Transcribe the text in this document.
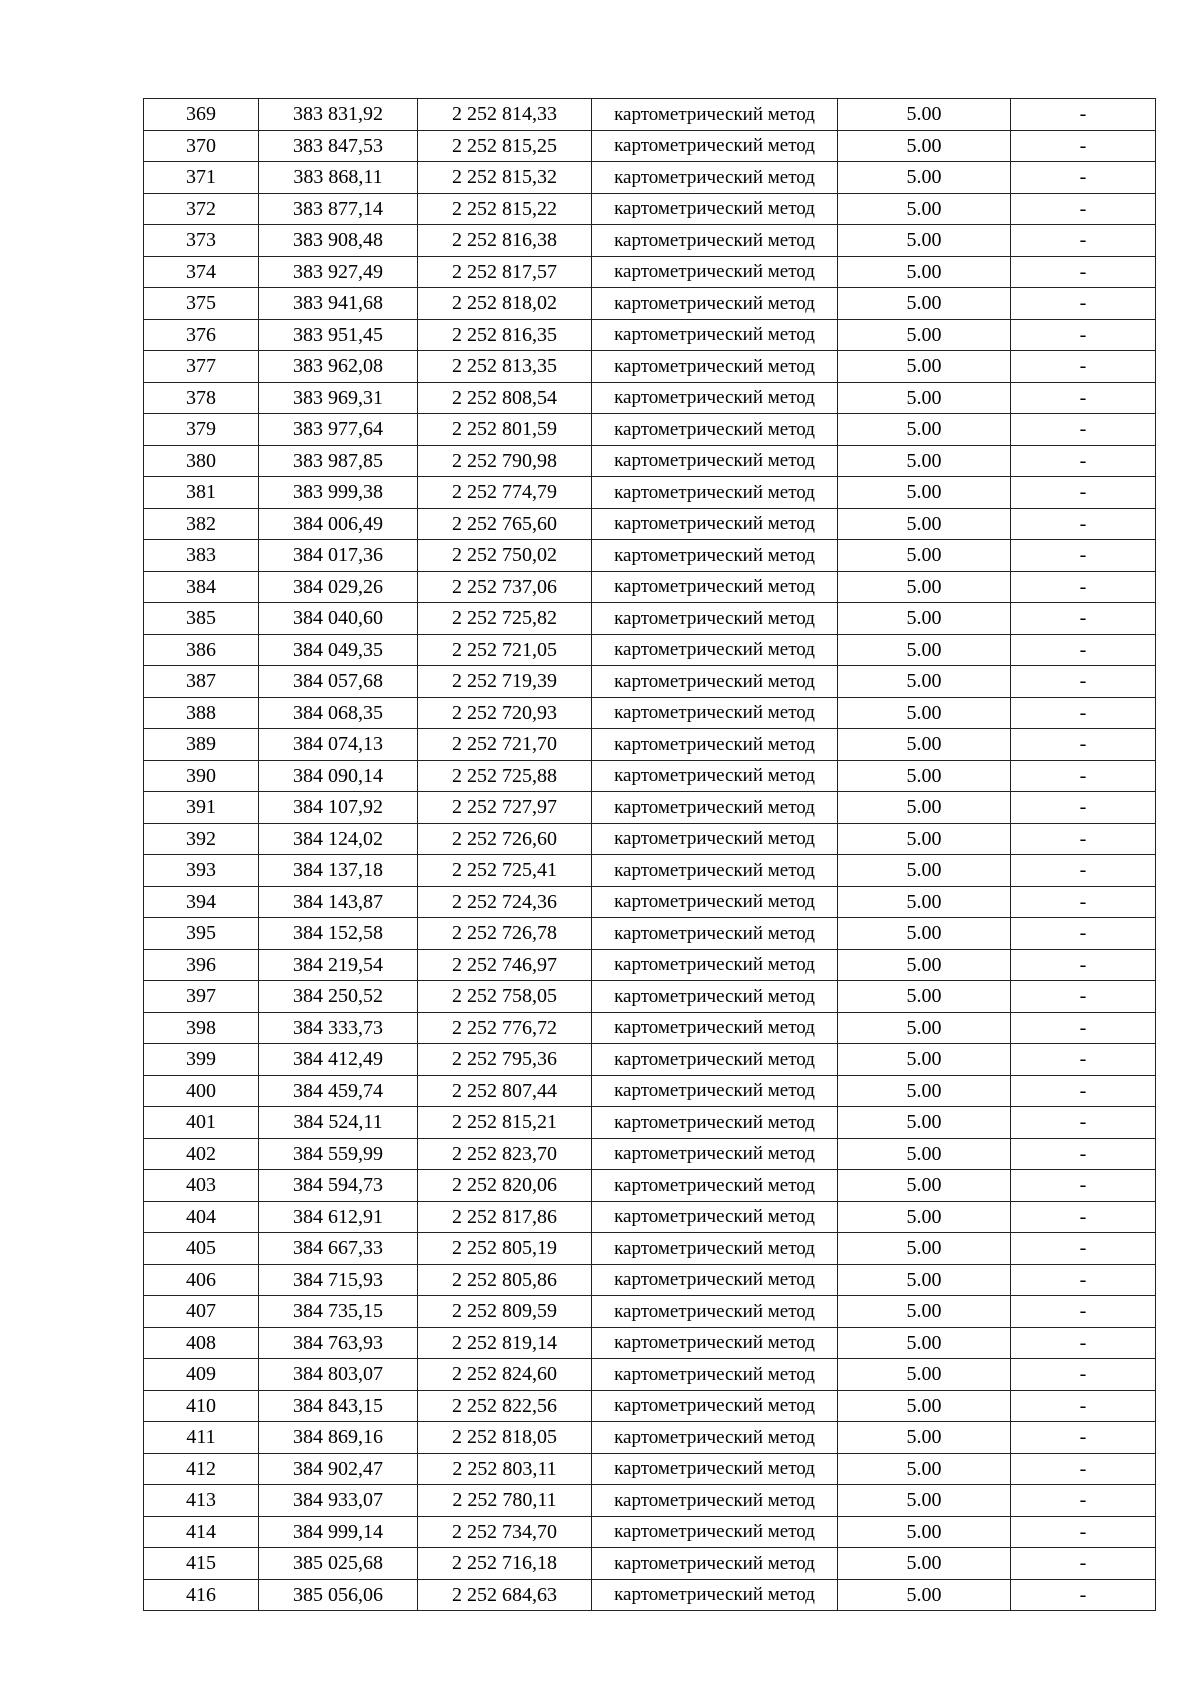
369	383 831,92	2 252 814,33	картометрический метод	5.00	-
370	383 847,53	2 252 815,25	картометрический метод	5.00	-
371	383 868,11	2 252 815,32	картометрический метод	5.00	-
372	383 877,14	2 252 815,22	картометрический метод	5.00	-
373	383 908,48	2 252 816,38	картометрический метод	5.00	-
374	383 927,49	2 252 817,57	картометрический метод	5.00	-
375	383 941,68	2 252 818,02	картометрический метод	5.00	-
376	383 951,45	2 252 816,35	картометрический метод	5.00	-
377	383 962,08	2 252 813,35	картометрический метод	5.00	-
378	383 969,31	2 252 808,54	картометрический метод	5.00	-
379	383 977,64	2 252 801,59	картометрический метод	5.00	-
380	383 987,85	2 252 790,98	картометрический метод	5.00	-
381	383 999,38	2 252 774,79	картометрический метод	5.00	-
382	384 006,49	2 252 765,60	картометрический метод	5.00	-
383	384 017,36	2 252 750,02	картометрический метод	5.00	-
384	384 029,26	2 252 737,06	картометрический метод	5.00	-
385	384 040,60	2 252 725,82	картометрический метод	5.00	-
386	384 049,35	2 252 721,05	картометрический метод	5.00	-
387	384 057,68	2 252 719,39	картометрический метод	5.00	-
388	384 068,35	2 252 720,93	картометрический метод	5.00	-
389	384 074,13	2 252 721,70	картометрический метод	5.00	-
390	384 090,14	2 252 725,88	картометрический метод	5.00	-
391	384 107,92	2 252 727,97	картометрический метод	5.00	-
392	384 124,02	2 252 726,60	картометрический метод	5.00	-
393	384 137,18	2 252 725,41	картометрический метод	5.00	-
394	384 143,87	2 252 724,36	картометрический метод	5.00	-
395	384 152,58	2 252 726,78	картометрический метод	5.00	-
396	384 219,54	2 252 746,97	картометрический метод	5.00	-
397	384 250,52	2 252 758,05	картометрический метод	5.00	-
398	384 333,73	2 252 776,72	картометрический метод	5.00	-
399	384 412,49	2 252 795,36	картометрический метод	5.00	-
400	384 459,74	2 252 807,44	картометрический метод	5.00	-
401	384 524,11	2 252 815,21	картометрический метод	5.00	-
402	384 559,99	2 252 823,70	картометрический метод	5.00	-
403	384 594,73	2 252 820,06	картометрический метод	5.00	-
404	384 612,91	2 252 817,86	картометрический метод	5.00	-
405	384 667,33	2 252 805,19	картометрический метод	5.00	-
406	384 715,93	2 252 805,86	картометрический метод	5.00	-
407	384 735,15	2 252 809,59	картометрический метод	5.00	-
408	384 763,93	2 252 819,14	картометрический метод	5.00	-
409	384 803,07	2 252 824,60	картометрический метод	5.00	-
410	384 843,15	2 252 822,56	картометрический метод	5.00	-
411	384 869,16	2 252 818,05	картометрический метод	5.00	-
412	384 902,47	2 252 803,11	картометрический метод	5.00	-
413	384 933,07	2 252 780,11	картометрический метод	5.00	-
414	384 999,14	2 252 734,70	картометрический метод	5.00	-
415	385 025,68	2 252 716,18	картометрический метод	5.00	-
416	385 056,06	2 252 684,63	картометрический метод	5.00	-
